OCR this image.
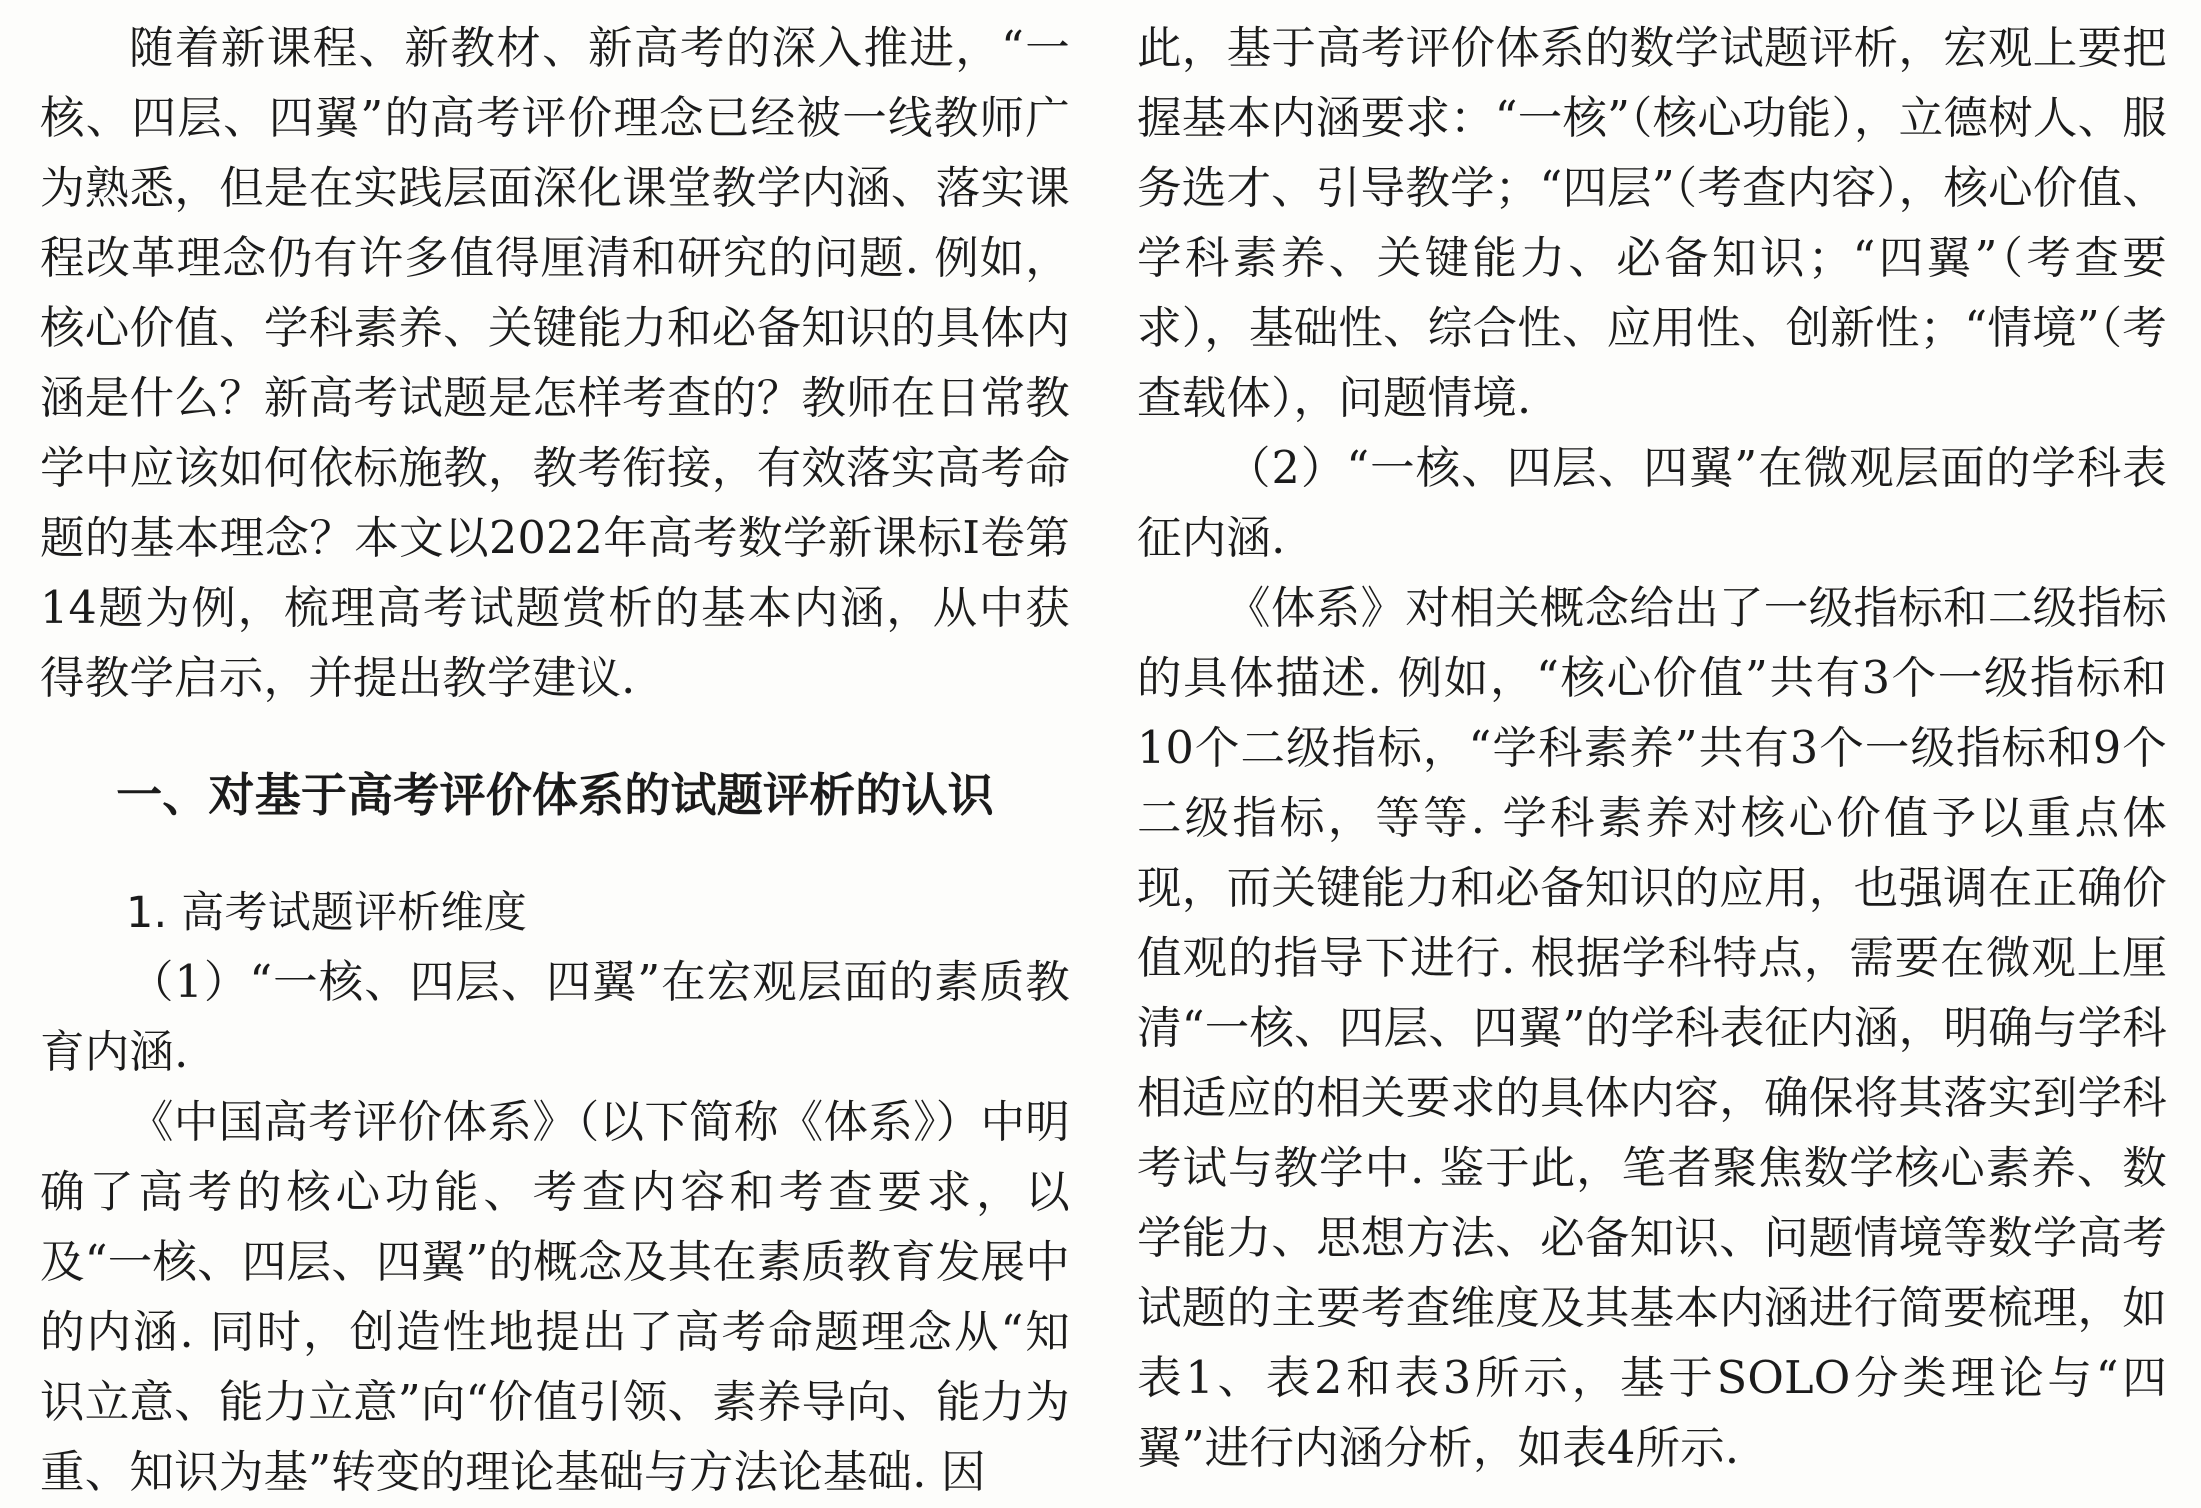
随着新课程、新教材、新高考的深入推进，“一核、四层、四翼”的高考评价理念已经被一线教师广为熟悉，但是在实践层面深化课堂教学内涵、落实课程改革理念仍有许多值得厘清和研究的问题. 例如，核心价值、学科素养、关键能力和必备知识的具体内涵是什么？新高考试题是怎样考查的？教师在日常教学中应该如何依标施教，教考衔接，有效落实高考命题的基本理念？本文以2022年高考数学新课标Ⅰ卷第14题为例，梳理高考试题赏析的基本内涵，从中获得教学启示，并提出教学建议.

一、对基于高考评价体系的试题评析的认识

1. 高考试题评析维度

（1）“一核、四层、四翼”在宏观层面的素质教育内涵.

《中国高考评价体系》（以下简称《体系》）中明确了高考的核心功能、考查内容和考查要求，以及“一核、四层、四翼”的概念及其在素质教育发展中的内涵. 同时，创造性地提出了高考命题理念从“知识立意、能力立意”向“价值引领、素养导向、能力为重、知识为基”转变的理论基础与方法论基础. 因

此，基于高考评价体系的数学试题评析，宏观上要把握基本内涵要求：“一核”（核心功能），立德树人、服务选才、引导教学；“四层”（考查内容），核心价值、学科素养、关键能力、必备知识；“四翼”（考查要求），基础性、综合性、应用性、创新性；“情境”（考查载体），问题情境.

（2）“一核、四层、四翼”在微观层面的学科表征内涵.

《体系》对相关概念给出了一级指标和二级指标的具体描述. 例如，“核心价值”共有3个一级指标和10个二级指标，“学科素养”共有3个一级指标和9个二级指标，等等. 学科素养对核心价值予以重点体现，而关键能力和必备知识的应用，也强调在正确价值观的指导下进行. 根据学科特点，需要在微观上厘清“一核、四层、四翼”的学科表征内涵，明确与学科相适应的相关要求的具体内容，确保将其落实到学科考试与教学中. 鉴于此，笔者聚焦数学核心素养、数学能力、思想方法、必备知识、问题情境等数学高考试题的主要考查维度及其基本内涵进行简要梳理，如表1、表2和表3所示，基于SOLO分类理论与“四翼”进行内涵分析，如表4所示.
